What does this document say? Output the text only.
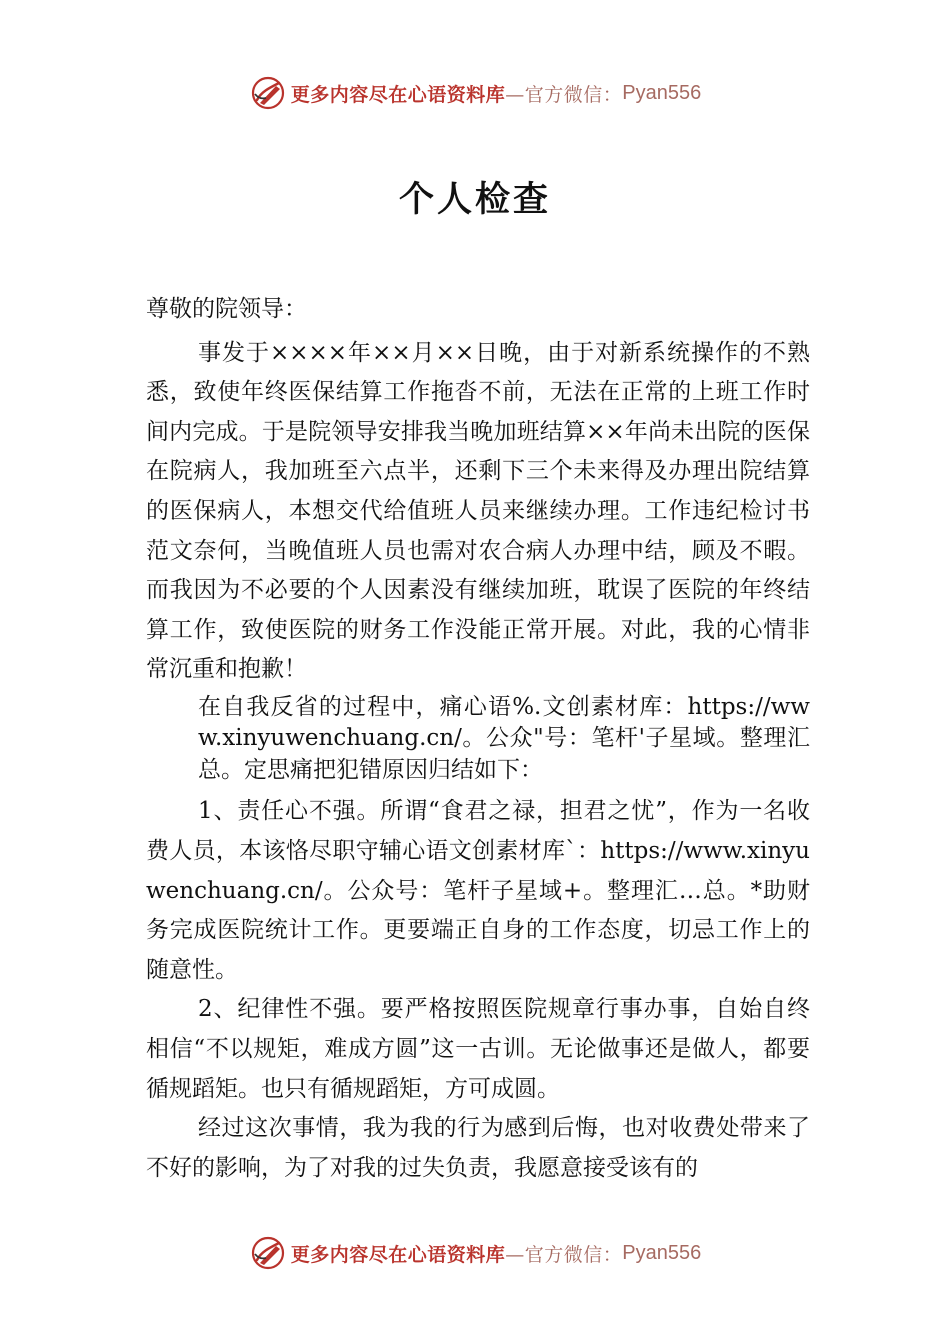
更多内容尽在心语资料库 —官方微信： Pyan556
个人检查

尊敬的院领导：

事发于××××年××月××日晚，由于对新系统操作的不熟悉，致使年终医保结算工作拖沓不前，无法在正常的上班工作时间内完成。于是院领导安排我当晚加班结算××年尚未出院的医保在院病人，我加班至六点半，还剩下三个未来得及办理出院结算的医保病人，本想交代给值班人员来继续办理。工作违纪检讨书范文奈何，当晚值班人员也需对农合病人办理中结，顾及不暇。而我因为不必要的个人因素没有继续加班，耽误了医院的年终结算工作，致使医院的财务工作没能正常开展。对此，我的心情非常沉重和抱歉！

在自我反省的过程中，痛心语%.文创素材库：https://www.xinyuwenchuang.cn/。公众"号：笔杆'子星域。整理汇总。定思痛把犯错原因归结如下：

1、责任心不强。所谓“食君之禄，担君之忧”，作为一名收费人员，本该恪尽职守辅心语文创素材库`：https://www.xinyuwenchuang.cn/。公众号：笔杆子星域+。整理汇…总。*助财务完成医院统计工作。更要端正自身的工作态度，切忌工作上的随意性。

2、纪律性不强。要严格按照医院规章行事办事，自始自终相信“不以规矩，难成方圆”这一古训。无论做事还是做人，都要循规蹈矩。也只有循规蹈矩，方可成圆。

经过这次事情，我为我的行为感到后悔，也对收费处带来了不好的影响，为了对我的过失负责，我愿意接受该有的

更多内容尽在心语资料库 —官方微信： Pyan556
